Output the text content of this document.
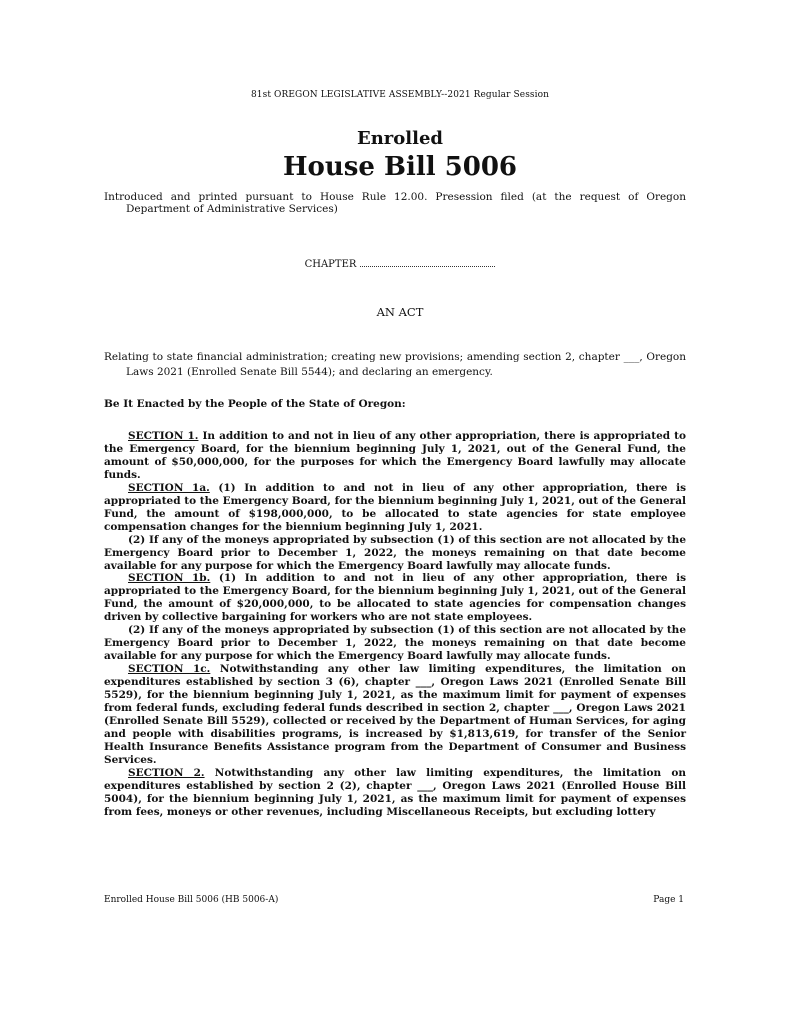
81st OREGON LEGISLATIVE ASSEMBLY--2021 Regular Session
Enrolled
House Bill 5006
Introduced and printed pursuant to House Rule 12.00. Presession filed (at the request of Oregon Department of Administrative Services)
CHAPTER
AN ACT
Relating to state financial administration; creating new provisions; amending section 2, chapter ___, Oregon Laws 2021 (Enrolled Senate Bill 5544); and declaring an emergency.
Be It Enacted by the People of the State of Oregon:

SECTION 1. In addition to and not in lieu of any other appropriation, there is appropriated to the Emergency Board, for the biennium beginning July 1, 2021, out of the General Fund, the amount of $50,000,000, for the purposes for which the Emergency Board lawfully may allocate funds.

SECTION 1a. (1) In addition to and not in lieu of any other appropriation, there is appropriated to the Emergency Board, for the biennium beginning July 1, 2021, out of the General Fund, the amount of $198,000,000, to be allocated to state agencies for state employee compensation changes for the biennium beginning July 1, 2021.

(2) If any of the moneys appropriated by subsection (1) of this section are not allocated by the Emergency Board prior to December 1, 2022, the moneys remaining on that date become available for any purpose for which the Emergency Board lawfully may allocate funds.

SECTION 1b. (1) In addition to and not in lieu of any other appropriation, there is appropriated to the Emergency Board, for the biennium beginning July 1, 2021, out of the General Fund, the amount of $20,000,000, to be allocated to state agencies for compensation changes driven by collective bargaining for workers who are not state employees.

(2) If any of the moneys appropriated by subsection (1) of this section are not allocated by the Emergency Board prior to December 1, 2022, the moneys remaining on that date become available for any purpose for which the Emergency Board lawfully may allocate funds.

SECTION 1c. Notwithstanding any other law limiting expenditures, the limitation on expenditures established by section 3 (6), chapter ___, Oregon Laws 2021 (Enrolled Senate Bill 5529), for the biennium beginning July 1, 2021, as the maximum limit for payment of expenses from federal funds, excluding federal funds described in section 2, chapter ___, Oregon Laws 2021 (Enrolled Senate Bill 5529), collected or received by the Department of Human Services, for aging and people with disabilities programs, is increased by $1,813,619, for transfer of the Senior Health Insurance Benefits Assistance program from the Department of Consumer and Business Services.

SECTION 2. Notwithstanding any other law limiting expenditures, the limitation on expenditures established by section 2 (2), chapter ___, Oregon Laws 2021 (Enrolled House Bill 5004), for the biennium beginning July 1, 2021, as the maximum limit for payment of expenses from fees, moneys or other revenues, including Miscellaneous Receipts, but excluding lottery

Enrolled House Bill 5006 (HB 5006-A)	Page 1
